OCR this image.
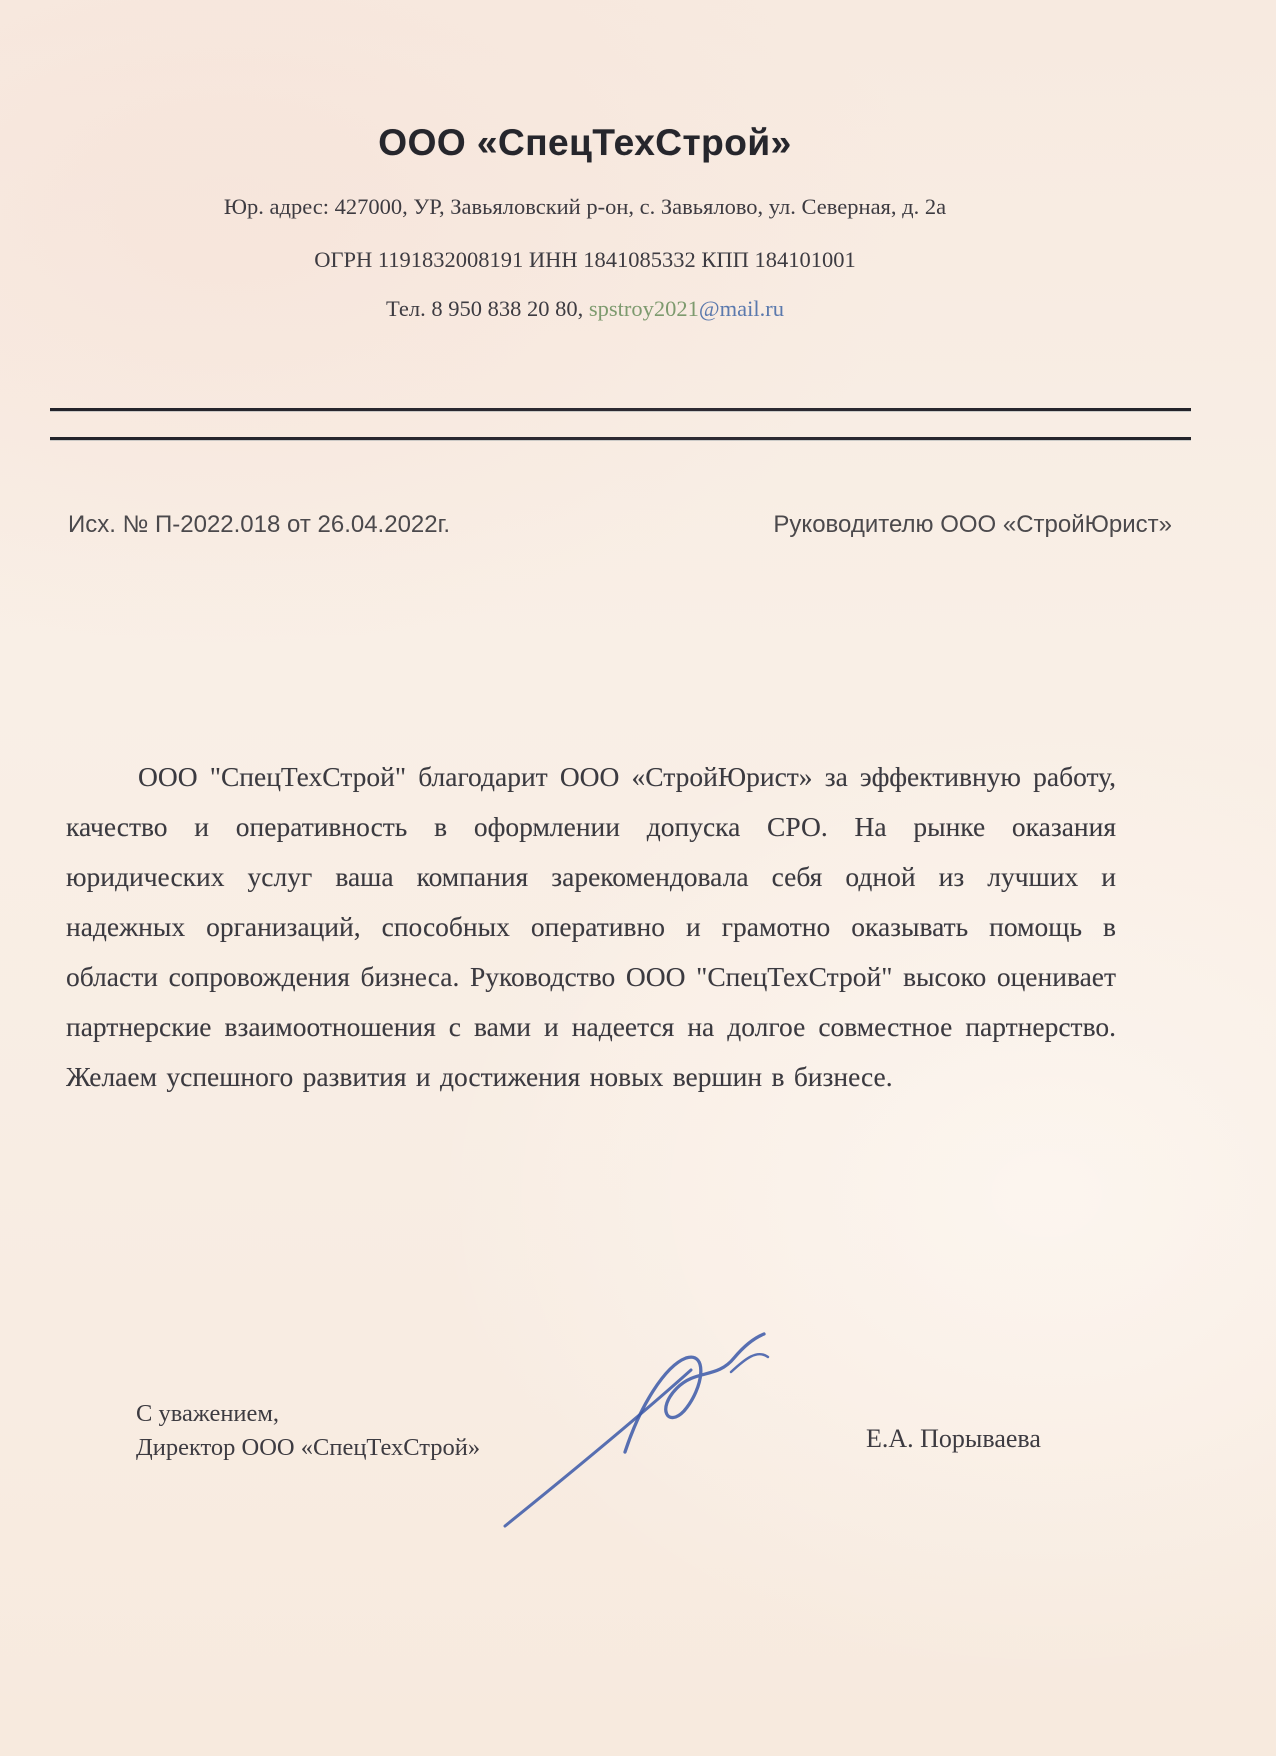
ООО «СпецТехСтрой»
Юр. адрес: 427000, УР, Завьяловский р-он, с. Завьялово, ул. Северная, д. 2а
ОГРН 1191832008191 ИНН 1841085332 КПП 184101001
Тел. 8 950 838 20 80, spstroy2021@mail.ru
Исх. № П-2022.018 от 26.04.2022г.	Руководителю ООО «СтройЮрист»

ООО "СпецТехСтрой" благодарит ООО «СтройЮрист» за эффективную работу, качество и оперативность в оформлении допуска СРО. На рынке оказания юридических услуг ваша компания зарекомендовала себя одной из лучших и надежных организаций, способных оперативно и грамотно оказывать помощь в области сопровождения бизнеса. Руководство ООО "СпецТехСтрой" высоко оценивает партнерские взаимоотношения с вами и надеется на долгое совместное партнерство. Желаем успешного развития и достижения новых вершин в бизнесе.

С уважением,
Директор ООО «СпецТехСтрой»	Е.А. Порываева
